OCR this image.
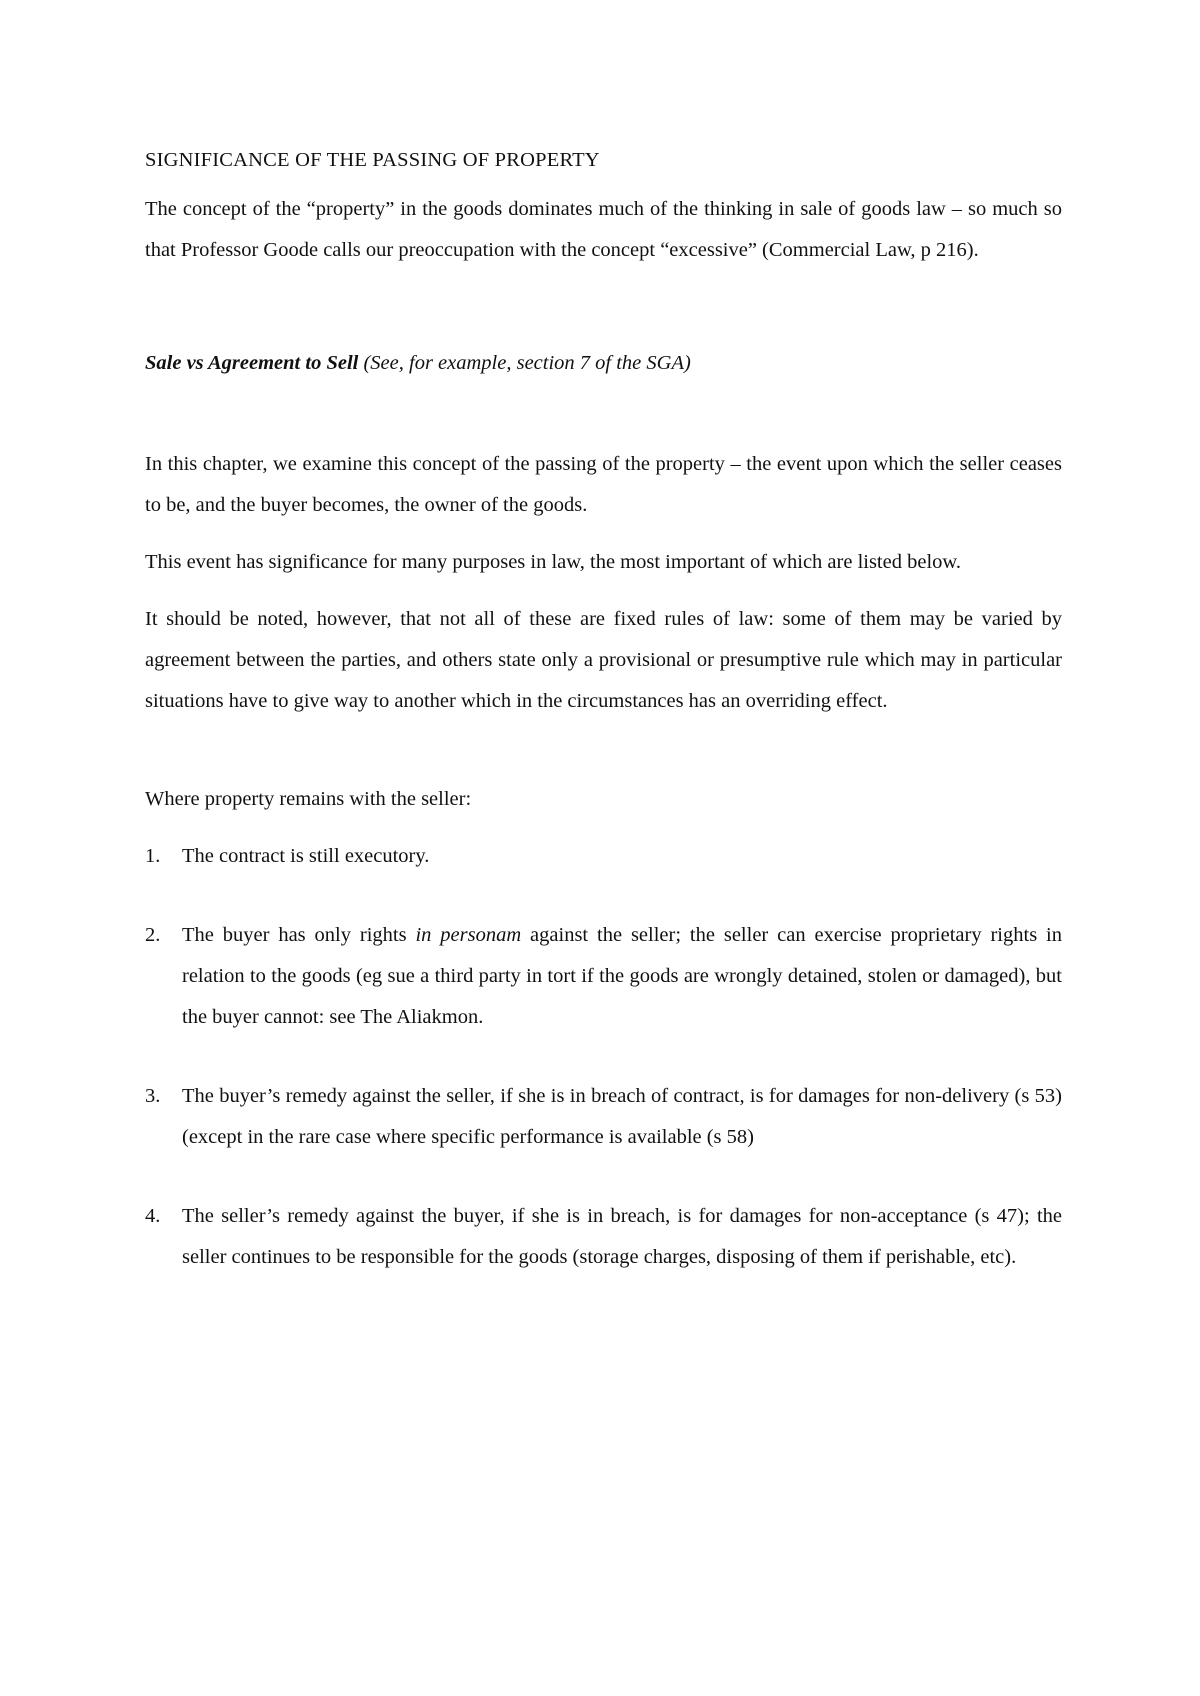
SIGNIFICANCE OF THE PASSING OF PROPERTY

The concept of the “property” in the goods dominates much of the thinking in sale of goods law – so much so that Professor Goode calls our preoccupation with the concept “excessive” (Commercial Law, p 216).

Sale vs Agreement to Sell (See, for example, section 7 of the SGA)

In this chapter, we examine this concept of the passing of the property – the event upon which the seller ceases to be, and the buyer becomes, the owner of the goods.

This event has significance for many purposes in law, the most important of which are listed below.

It should be noted, however, that not all of these are fixed rules of law: some of them may be varied by agreement between the parties, and others state only a provisional or presumptive rule which may in particular situations have to give way to another which in the circumstances has an overriding effect.

Where property remains with the seller:

1. The contract is still executory.
2. The buyer has only rights in personam against the seller; the seller can exercise proprietary rights in relation to the goods (eg sue a third party in tort if the goods are wrongly detained, stolen or damaged), but the buyer cannot: see The Aliakmon.
3. The buyer’s remedy against the seller, if she is in breach of contract, is for damages for non-delivery (s 53) (except in the rare case where specific performance is available (s 58)
4. The seller’s remedy against the buyer, if she is in breach, is for damages for non-acceptance (s 47); the seller continues to be responsible for the goods (storage charges, disposing of them if perishable, etc).
